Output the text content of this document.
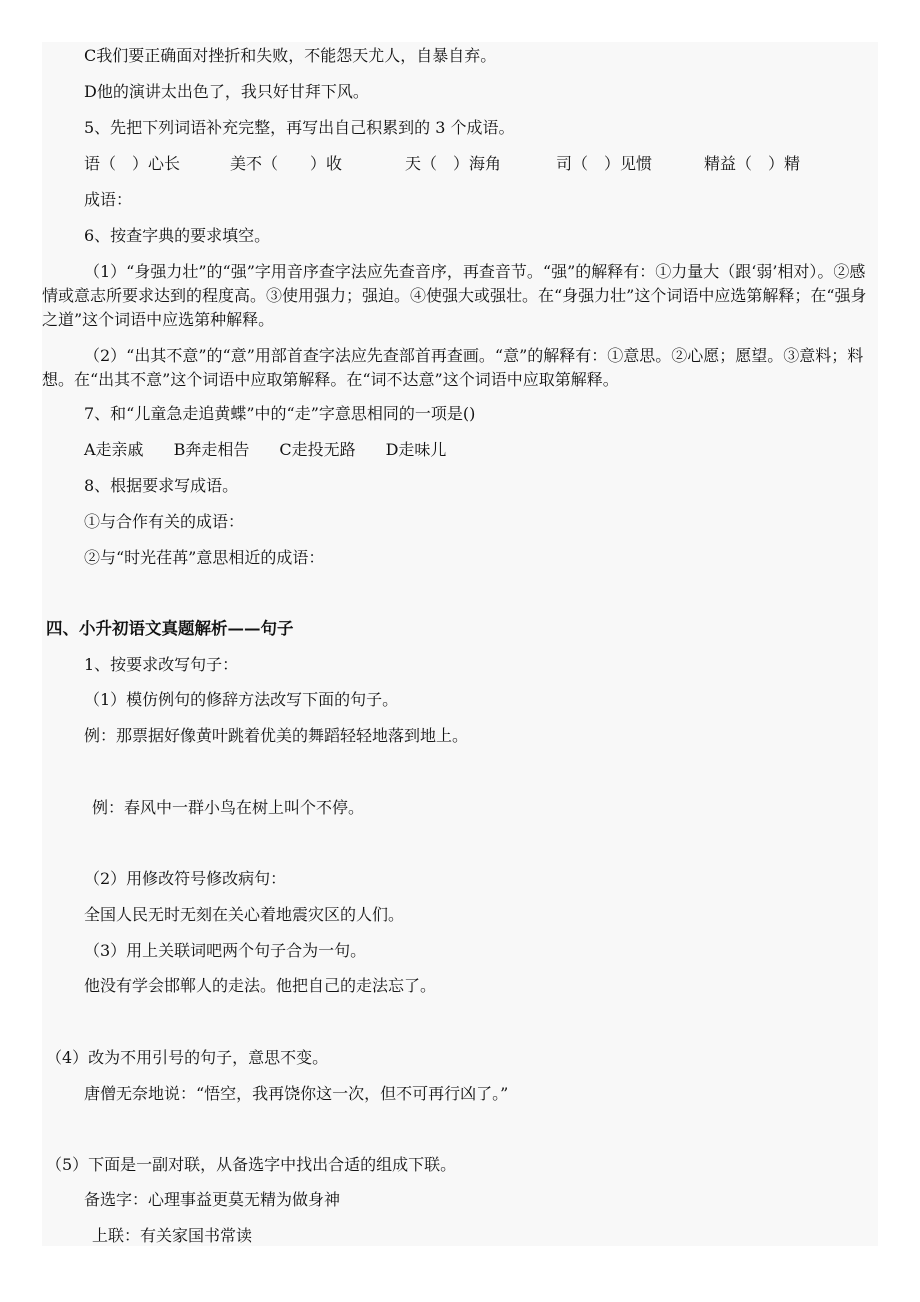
C我们要正确面对挫折和失败，不能怨天尤人，自暴自弃。
D他的演讲太出色了，我只好甘拜下风。
5、先把下列词语补充完整，再写出自己积累到的 3 个成语。
语（　）心长	美不（　　）收	天（　）海角	司（　）见惯	精益（　）精
成语：
6、按查字典的要求填空。
（1）“身强力壮”的“强”字用音序查字法应先查音序，再查音节。“强”的解释有：①力量大（跟‘弱’相对）。②感情或意志所要求达到的程度高。③使用强力；强迫。④使强大或强壮。在“身强力壮”这个词语中应选第解释；在“强身之道”这个词语中应选第种解释。
（2）“出其不意”的“意”用部首查字法应先查部首再查画。“意”的解释有：①意思。②心愿；愿望。③意料；料想。在“出其不意”这个词语中应取第解释。在“词不达意”这个词语中应取第解释。
7、和“儿童急走追黄蝶”中的“走”字意思相同的一项是()
A走亲戚 B奔走相告 C走投无路 D走味儿
8、根据要求写成语。
①与合作有关的成语：
②与“时光荏苒”意思相近的成语：
四、小升初语文真题解析——句子
1、按要求改写句子：
（1）模仿例句的修辞方法改写下面的句子。
例：那票据好像黄叶跳着优美的舞蹈轻轻地落到地上。
例：春风中一群小鸟在树上叫个不停。
（2）用修改符号修改病句：
全国人民无时无刻在关心着地震灾区的人们。
（3）用上关联词吧两个句子合为一句。
他没有学会邯郸人的走法。他把自己的走法忘了。
（4）改为不用引号的句子，意思不变。
唐僧无奈地说：“悟空，我再饶你这一次，但不可再行凶了。”
（5）下面是一副对联，从备选字中找出合适的组成下联。
备选字：心理事益更莫无精为做身神
上联：有关家国书常读
